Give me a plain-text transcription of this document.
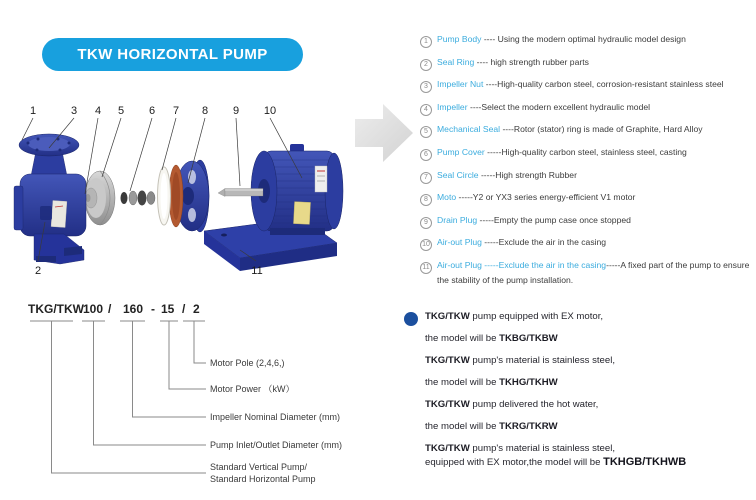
TKW HORIZONTAL PUMP
1	3 4 5 6 7 8 9 10
2	11
1 Pump Body ---- Using the modern optimal hydraulic model design
2 Seal Ring ---- high strength rubber parts
3 Impeller Nut ----High-quality carbon steel, corrosion-resistant stainless steel
4 Impeller ----Select the modern excellent hydraulic model
5 Mechanical Seal ----Rotor (stator) ring is made of Graphite, Hard Alloy
6 Pump Cover -----High-quality carbon steel, stainless steel, casting
7 Seal Circle -----High strength Rubber
8 Moto -----Y2 or YX3 series energy-efficient V1 motor
9 Drain Plug -----Empty the pump case once stopped
10 Air-out Plug -----Exclude the air in the casing
11 Air-out Plug -----Exclude the air in the casing-----A fixed part of the pump to ensure the stability of the pump installation.
TKG/TKW 100 / 160 - 15 / 2
Motor Pole (2,4,6,)
Motor Power （kW）
Impeller Nominal Diameter (mm)
Pump Inlet/Outlet Diameter (mm)
Standard Vertical Pump/
Standard Horizontal Pump
TKG/TKW pump equipped with EX motor,
the model will be TKBG/TKBW
TKG/TKW pump's material is stainless steel,
the model will be TKHG/TKHW
TKG/TKW pump delivered the hot water,
the model will be TKRG/TKRW
TKG/TKW pump's material is stainless steel,
equipped with EX motor,the model will be TKHGB/TKHWB
